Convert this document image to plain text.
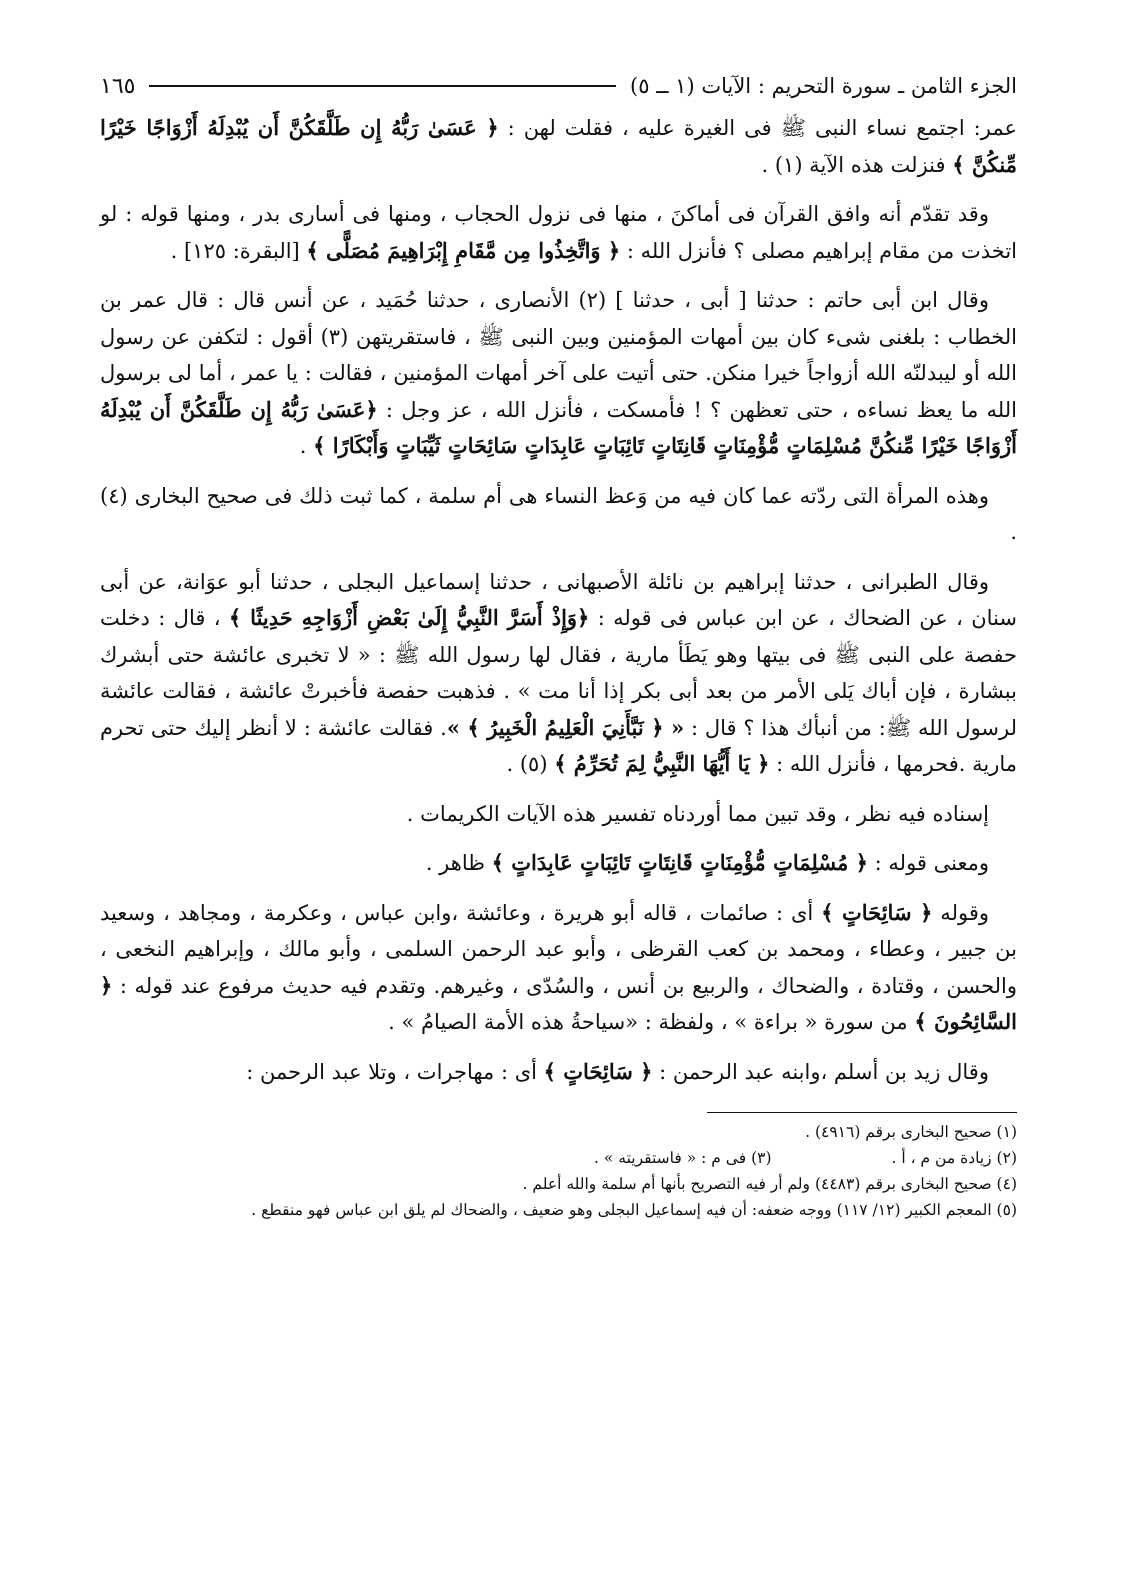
الجزء الثامن ـ سورة التحريم : الآيات (١ ــ ٥)
١٦٥

عمر: اجتمع نساء النبى ﷺ فى الغيرة عليه ، فقلت لهن : ﴿ عَسَىٰ رَبُّهُ إِن طَلَّقَكُنَّ أَن يُبْدِلَهُ أَزْوَاجًا خَيْرًا مِّنكُنَّ ﴾ فنزلت هذه الآية (١) .

وقد تقدّم أنه وافق القرآن فى أماكنَ ، منها فى نزول الحجاب ، ومنها فى أسارى بدر ، ومنها قوله : لو اتخذت من مقام إبراهيم مصلى ؟ فأنزل الله : ﴿ وَاتَّخِذُوا مِن مَّقَامِ إِبْرَاهِيمَ مُصَلًّى ﴾ [البقرة: ١٢٥] .

وقال ابن أبى حاتم : حدثنا [ أبى ، حدثنا ] (٢) الأنصارى ، حدثنا حُمَيد ، عن أنس قال : قال عمر بن الخطاب : بلغنى شىء كان بين أمهات المؤمنين وبين النبى ﷺ ، فاستقريتهن (٣) أقول : لتكفن عن رسول الله أو ليبدلنّه الله أزواجاً خيرا منكن. حتى أتيت على آخر أمهات المؤمنين ، فقالت : يا عمر ، أما لى برسول الله ما يعظ نساءه ، حتى تعظهن ؟ ! فأمسكت ، فأنزل الله ، عز وجل : ﴿عَسَىٰ رَبُّهُ إِن طَلَّقَكُنَّ أَن يُبْدِلَهُ أَزْوَاجًا خَيْرًا مِّنكُنَّ مُسْلِمَاتٍ مُّؤْمِنَاتٍ قَانِتَاتٍ تَائِبَاتٍ عَابِدَاتٍ سَائِحَاتٍ ثَيِّبَاتٍ وَأَبْكَارًا ﴾ .

وهذه المرأة التى ردّته عما كان فيه من وَعظ النساء هى أم سلمة ، كما ثبت ذلك فى صحيح البخارى (٤) .

وقال الطبرانى ، حدثنا إبراهيم بن نائلة الأصبهانى ، حدثنا إسماعيل البجلى ، حدثنا أبو عوَانة، عن أبى سنان ، عن الضحاك ، عن ابن عباس فى قوله : ﴿وَإِذْ أَسَرَّ النَّبِيُّ إِلَىٰ بَعْضِ أَزْوَاجِهِ حَدِيثًا ﴾ ، قال : دخلت حفصة على النبى ﷺ فى بيتها وهو يَطَأ مارية ، فقال لها رسول الله ﷺ : « لا تخبرى عائشة حتى أبشرك ببشارة ، فإن أباك يَلى الأمر من بعد أبى بكر إذا أنا مت » . فذهبت حفصة فأخبرتْ عائشة ، فقالت عائشة لرسول الله ﷺ: من أنبأك هذا ؟ قال : « ﴿ نَبَّأَنِيَ الْعَلِيمُ الْخَبِيرُ ﴾ ». فقالت عائشة : لا أنظر إليك حتى تحرم مارية .فحرمها ، فأنزل الله : ﴿ يَا أَيُّهَا النَّبِيُّ لِمَ تُحَرِّمُ ﴾ (٥) .

إسناده فيه نظر ، وقد تبين مما أوردناه تفسير هذه الآيات الكريمات .

ومعنى قوله : ﴿ مُسْلِمَاتٍ مُّؤْمِنَاتٍ قَانِتَاتٍ تَائِبَاتٍ عَابِدَاتٍ ﴾ ظاهر .

وقوله ﴿ سَائِحَاتٍ ﴾ أى : صائمات ، قاله أبو هريرة ، وعائشة ،وابن عباس ، وعكرمة ، ومجاهد ، وسعيد بن جبير ، وعطاء ، ومحمد بن كعب القرظى ، وأبو عبد الرحمن السلمى ، وأبو مالك ، وإبراهيم النخعى ، والحسن ، وقتادة ، والضحاك ، والربيع بن أنس ، والسُدّى ، وغيرهم. وتقدم فيه حديث مرفوع عند قوله : ﴿ السَّائِحُونَ ﴾ من سورة « براءة » ، ولفظة : «سياحةُ هذه الأمة الصيامُ » .

وقال زيد بن أسلم ،وابنه عبد الرحمن : ﴿ سَائِحَاتٍ ﴾ أى : مهاجرات ، وتلا عبد الرحمن :

(١) صحيح البخارى برقم (٤٩١٦) .

(٢) زيادة من م ، أ .
(٣) فى م : « فاستقريته » .

(٤) صحيح البخارى برقم (٤٤٨٣) ولم أر فيه التصريح بأنها أم سلمة والله أعلم .

(٥) المعجم الكبير (١٢/ ١١٧) ووجه ضعفه: أن فيه إسماعيل البجلى وهو ضعيف ، والضحاك لم يلق ابن عباس فهو منقطع .
